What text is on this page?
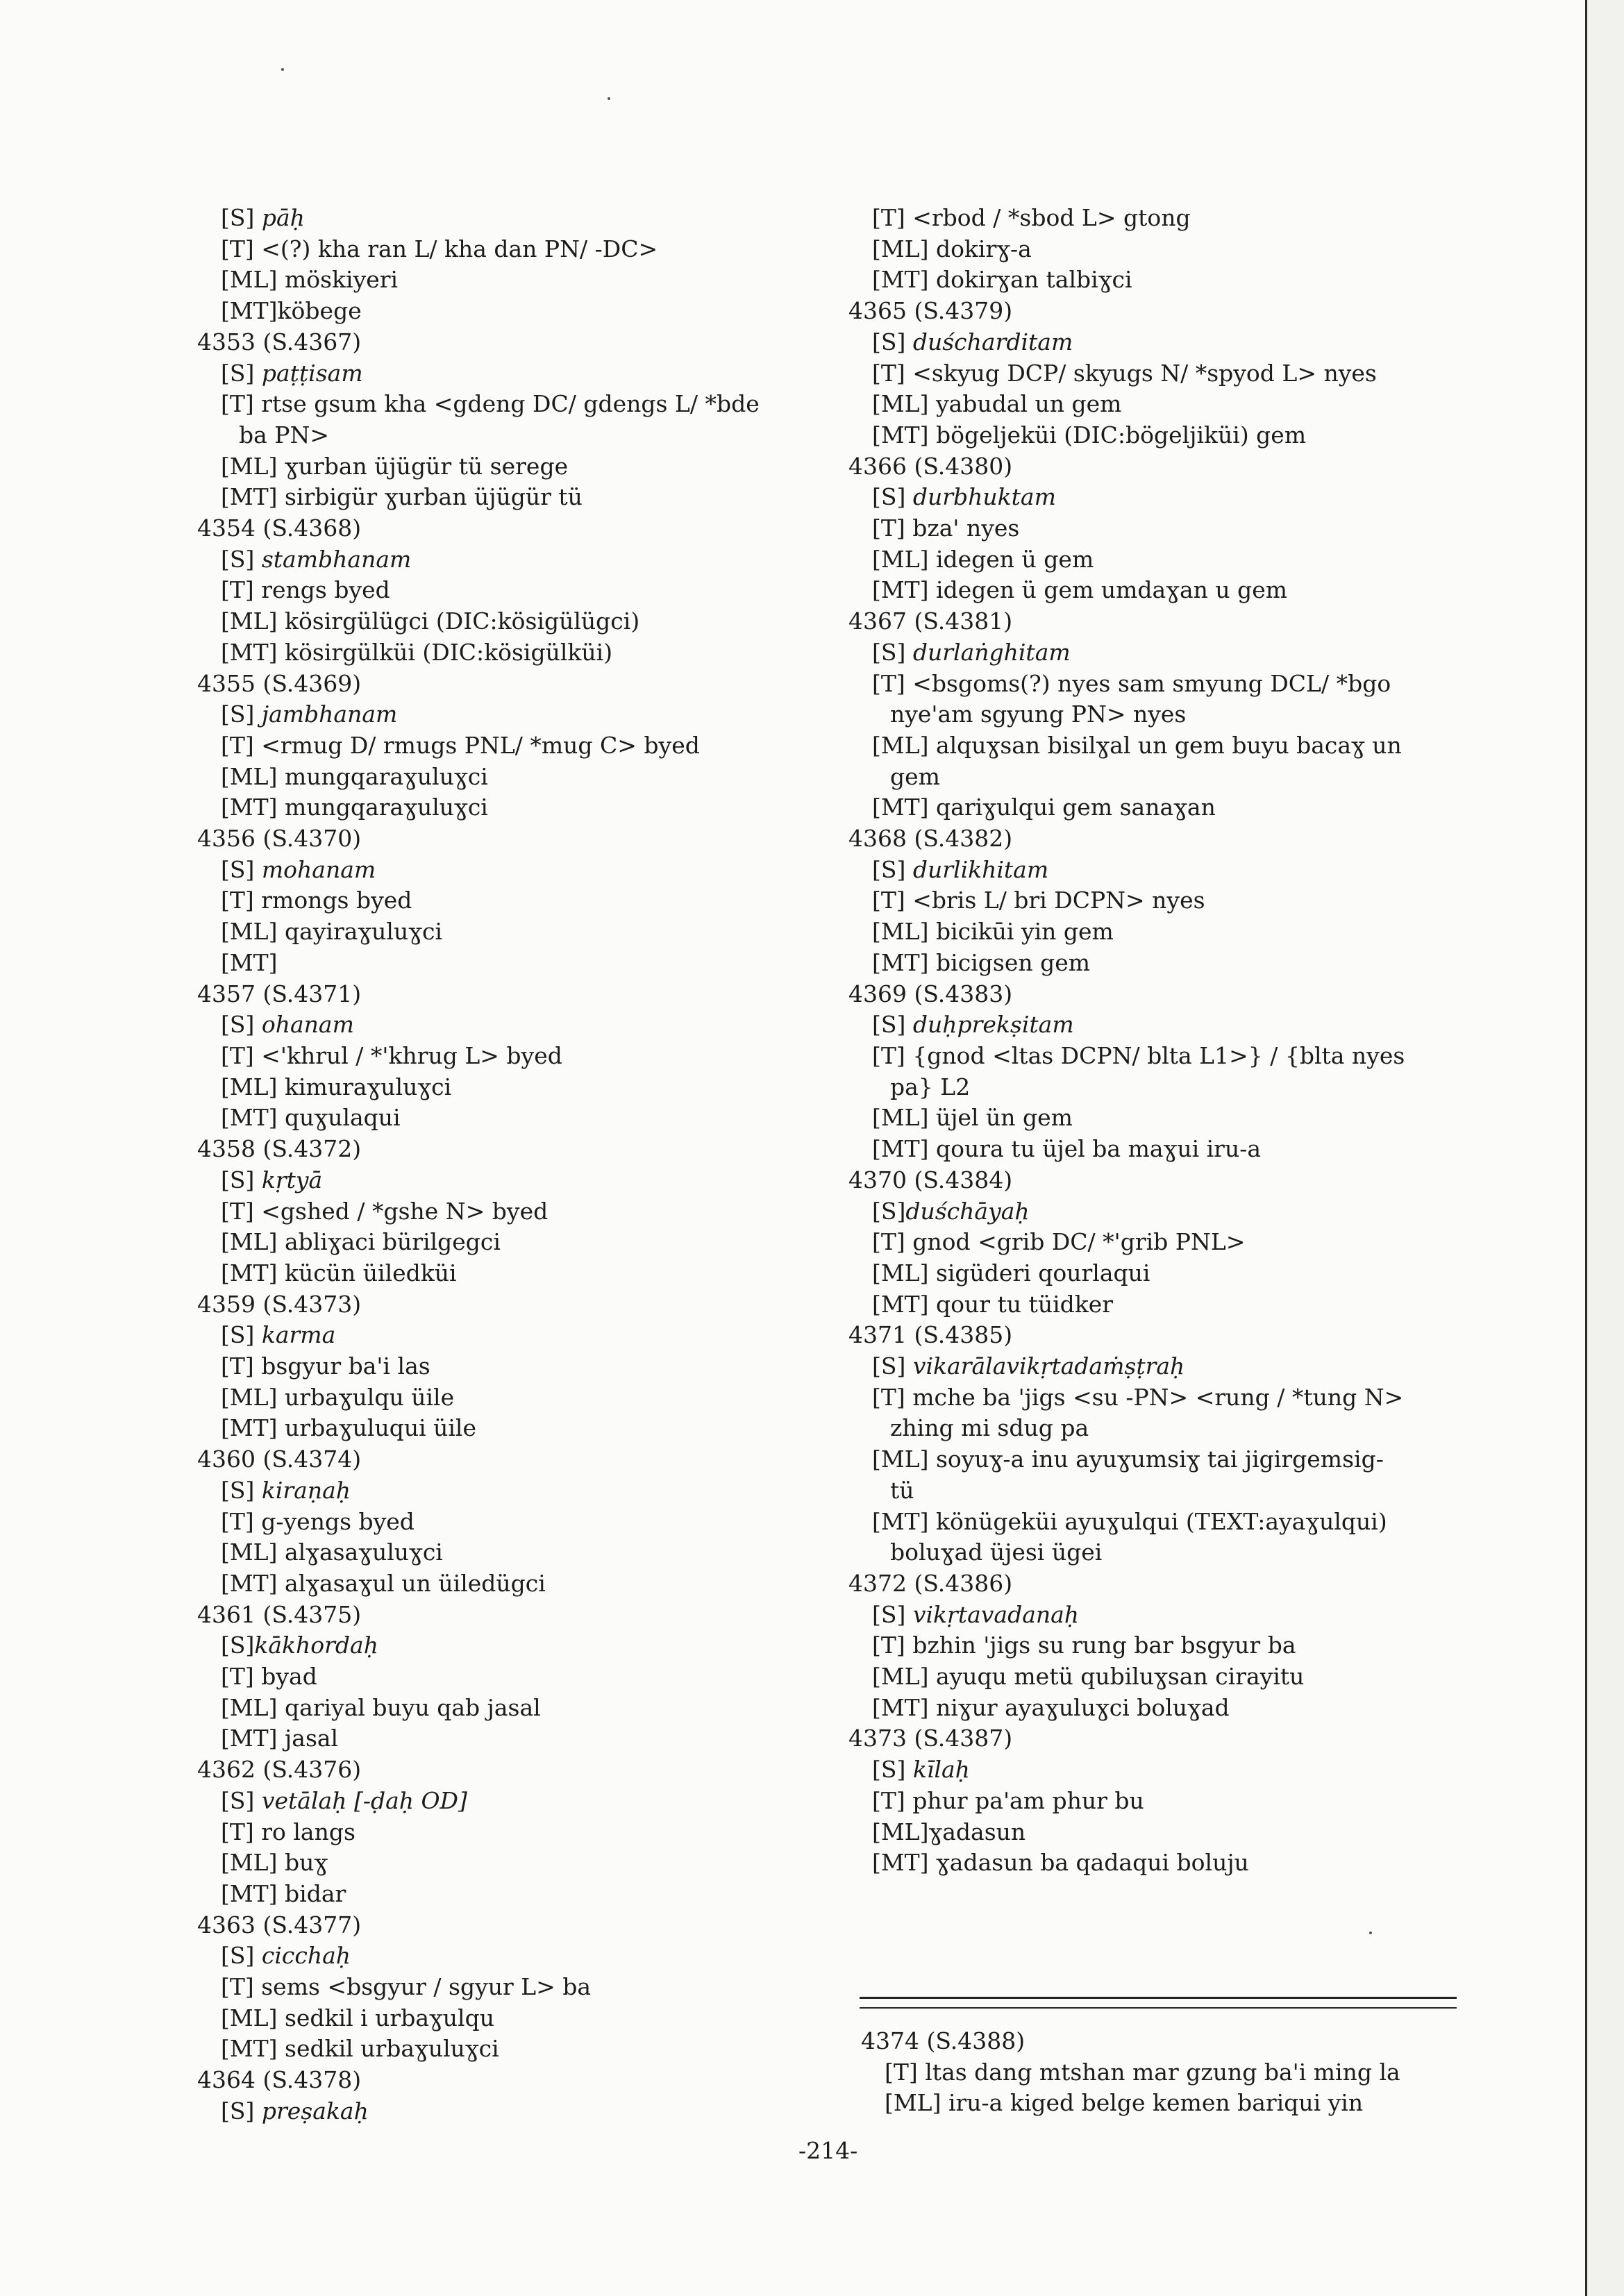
[S] pāḥ
[T] <(?) kha ran L/ kha dan PN/ -DC>
[ML] möskiyeri
[MT]köbege
4353 (S.4367)
[S] paṭṭisam
[T] rtse gsum kha <gdeng DC/ gdengs L/ *bde
ba PN>
[ML] ɣurban üjügür tü serege
[MT] sirbigür ɣurban üjügür tü
4354 (S.4368)
[S] stambhanam
[T] rengs byed
[ML] kösirgülügci (DIC:kösigülügci)
[MT] kösirgülküi (DIC:kösigülküi)
4355 (S.4369)
[S] jambhanam
[T] <rmug D/ rmugs PNL/ *mug C> byed
[ML] mungqaraɣuluɣci
[MT] mungqaraɣuluɣci
4356 (S.4370)
[S] mohanam
[T] rmongs byed
[ML] qayiraɣuluɣci
[MT]
4357 (S.4371)
[S] ohanam
[T] <'khrul / *'khrug L> byed
[ML] kimuraɣuluɣci
[MT] quɣulaqui
4358 (S.4372)
[S] kṛtyā
[T] <gshed / *gshe N> byed
[ML] abliɣaci bürilgegci
[MT] kücün üiledküi
4359 (S.4373)
[S] karma
[T] bsgyur ba'i las
[ML] urbaɣulqu üile
[MT] urbaɣuluqui üile
4360 (S.4374)
[S] kiraṇaḥ
[T] g-yengs byed
[ML] alɣasaɣuluɣci
[MT] alɣasaɣul un üiledügci
4361 (S.4375)
[S]kākhordaḥ
[T] byad
[ML] qariyal buyu qab jasal
[MT] jasal
4362 (S.4376)
[S] vetālaḥ [-ḍaḥ OD]
[T] ro langs
[ML] buɣ
[MT] bidar
4363 (S.4377)
[S] cicchaḥ
[T] sems <bsgyur / sgyur L> ba
[ML] sedkil i urbaɣulqu
[MT] sedkil urbaɣuluɣci
4364 (S.4378)
[S] preṣakaḥ
[T] <rbod / *sbod L> gtong
[ML] dokirɣ-a
[MT] dokirɣan talbiɣci
4365 (S.4379)
[S] duścharditam
[T] <skyug DCP/ skyugs N/ *spyod L> nyes
[ML] yabudal un gem
[MT] bögeljeküi (DIC:bögeljiküi) gem
4366 (S.4380)
[S] durbhuktam
[T] bza' nyes
[ML] idegen ü gem
[MT] idegen ü gem umdaɣan u gem
4367 (S.4381)
[S] durlaṅghitam
[T] <bsgoms(?) nyes sam smyung DCL/ *bgo
nye'am sgyung PN> nyes
[ML] alquɣsan bisilɣal un gem buyu bacaɣ un
gem
[MT] qariɣulqui gem sanaɣan
4368 (S.4382)
[S] durlikhitam
[T] <bris L/ bri DCPN> nyes
[ML] bicikūi yin gem
[MT] bicigsen gem
4369 (S.4383)
[S] duḥprekṣitam
[T] {gnod <ltas DCPN/ blta L1>} / {blta nyes
pa} L2
[ML] üjel ün gem
[MT] qoura tu üjel ba maɣui iru-a
4370 (S.4384)
[S]duśchāyaḥ
[T] gnod <grib DC/ *'grib PNL>
[ML] sigüderi qourlaqui
[MT] qour tu tüidker
4371 (S.4385)
[S] vikarālavikṛtadaṁṣṭraḥ
[T] mche ba 'jigs <su -PN> <rung / *tung N>
zhing mi sdug pa
[ML] soyuɣ-a inu ayuɣumsiɣ tai jigirgemsig-
tü
[MT] könügeküi ayuɣulqui (TEXT:ayaɣulqui)
boluɣad üjesi ügei
4372 (S.4386)
[S] vikṛtavadanaḥ
[T] bzhin 'jigs su rung bar bsgyur ba
[ML] ayuqu metü qubiluɣsan cirayitu
[MT] niɣur ayaɣuluɣci boluɣad
4373 (S.4387)
[S] kīlaḥ
[T] phur pa'am phur bu
[ML]ɣadasun
[MT] ɣadasun ba qadaqui boluju
4374 (S.4388)
[T] ltas dang mtshan mar gzung ba'i ming la
[ML] iru-a kiged belge kemen bariqui yin
-214-
